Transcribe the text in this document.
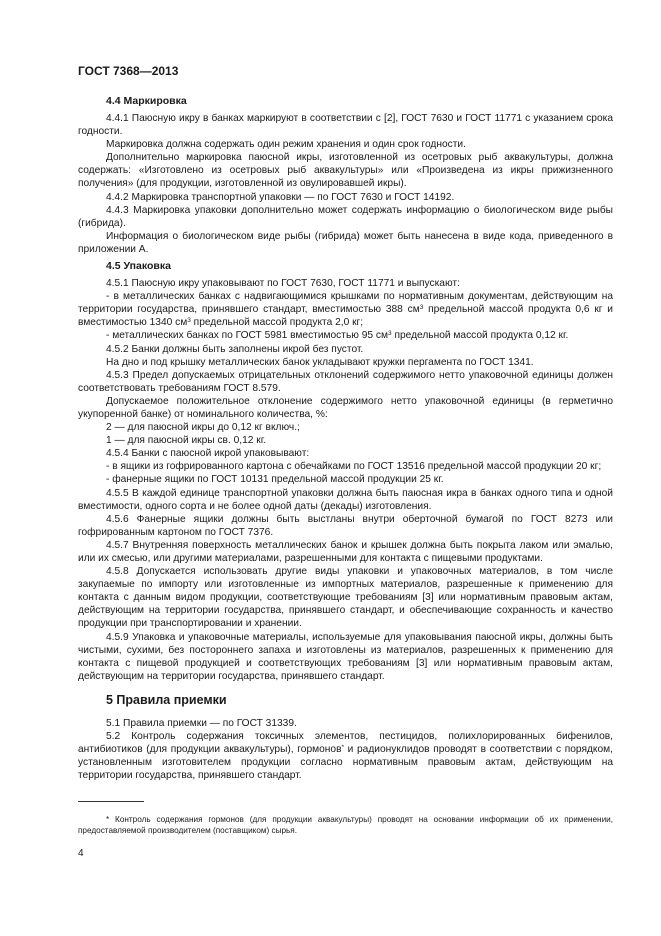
ГОСТ 7368—2013
4.4 Маркировка

4.4.1 Паюсную икру в банках маркируют в соответствии с [2], ГОСТ 7630 и ГОСТ 11771 с указанием срока годности.

Маркировка должна содержать один режим хранения и один срок годности.

Дополнительно маркировка паюсной икры, изготовленной из осетровых рыб аквакультуры, должна содержать: «Изготовлено из осетровых рыб аквакультуры» или «Произведена из икры прижизненного получения» (для продукции, изготовленной из овулировавшей икры).

4.4.2 Маркировка транспортной упаковки — по ГОСТ 7630 и ГОСТ 14192.

4.4.3 Маркировка упаковки дополнительно может содержать информацию о биологическом виде рыбы (гибрида).

Информация о биологическом виде рыбы (гибрида) может быть нанесена в виде кода, приведенного в приложении А.

4.5 Упаковка

4.5.1 Паюсную икру упаковывают по ГОСТ 7630, ГОСТ 11771 и выпускают:

- в металлических банках с надвигающимися крышками по нормативным документам, действующим на территории государства, принявшего стандарт, вместимостью 388 $см^3$ предельной массой продукта 0,6 кг и вместимостью 1340 $см^3$ предельной массой продукта 2,0 кг;

- металлических банках по ГОСТ 5981 вместимостью 95 $см^3$ предельной массой продукта 0,12 кг.

4.5.2 Банки должны быть заполнены икрой без пустот.

На дно и под крышку металлических банок укладывают кружки пергамента по ГОСТ 1341.

4.5.3 Предел допускаемых отрицательных отклонений содержимого нетто упаковочной единицы должен соответствовать требованиям ГОСТ 8.579.

Допускаемое положительное отклонение содержимого нетто упаковочной единицы (в герметично укупоренной банке) от номинального количества, %:

2 — для паюсной икры до 0,12 кг включ.;

1 — для паюсной икры св. 0,12 кг.

4.5.4 Банки с паюсной икрой упаковывают:

- в ящики из гофрированного картона с обечайками по ГОСТ 13516 предельной массой продукции 20 кг;

- фанерные ящики по ГОСТ 10131 предельной массой продукции 25 кг.

4.5.5 В каждой единице транспортной упаковки должна быть паюсная икра в банках одного типа и одной вместимости, одного сорта и не более одной даты (декады) изготовления.

4.5.6 Фанерные ящики должны быть выстланы внутри оберточной бумагой по ГОСТ 8273 или гофрированным картоном по ГОСТ 7376.

4.5.7 Внутренняя поверхность металлических банок и крышек должна быть покрыта лаком или эмалью, или их смесью, или другими материалами, разрешенными для контакта с пищевыми продуктами.

4.5.8 Допускается использовать другие виды упаковки и упаковочных материалов, в том числе закупаемые по импорту или изготовленные из импортных материалов, разрешенные к применению для контакта с данным видом продукции, соответствующие требованиям [3] или нормативным правовым актам, действующим на территории государства, принявшего стандарт, и обеспечивающие сохранность и качество продукции при транспортировании и хранении.

4.5.9 Упаковка и упаковочные материалы, используемые для упаковывания паюсной икры, должны быть чистыми, сухими, без постороннего запаха и изготовлены из материалов, разрешенных к применению для контакта с пищевой продукцией и соответствующих требованиям [3] или нормативным правовым актам, действующим на территории государства, принявшего стандарт.

5 Правила приемки

5.1 Правила приемки — по ГОСТ 31339.

5.2 Контроль содержания токсичных элементов, пестицидов, полихлорированных бифенилов, антибиотиков (для продукции аквакультуры), гормонов* и радионуклидов проводят в соответствии с порядком, установленным изготовителем продукции согласно нормативным правовым актам, действующим на территории государства, принявшего стандарт.

* Контроль содержания гормонов (для продукции аквакультуры) проводят на основании информации об их применении, предоставляемой производителем (поставщиком) сырья.
4
